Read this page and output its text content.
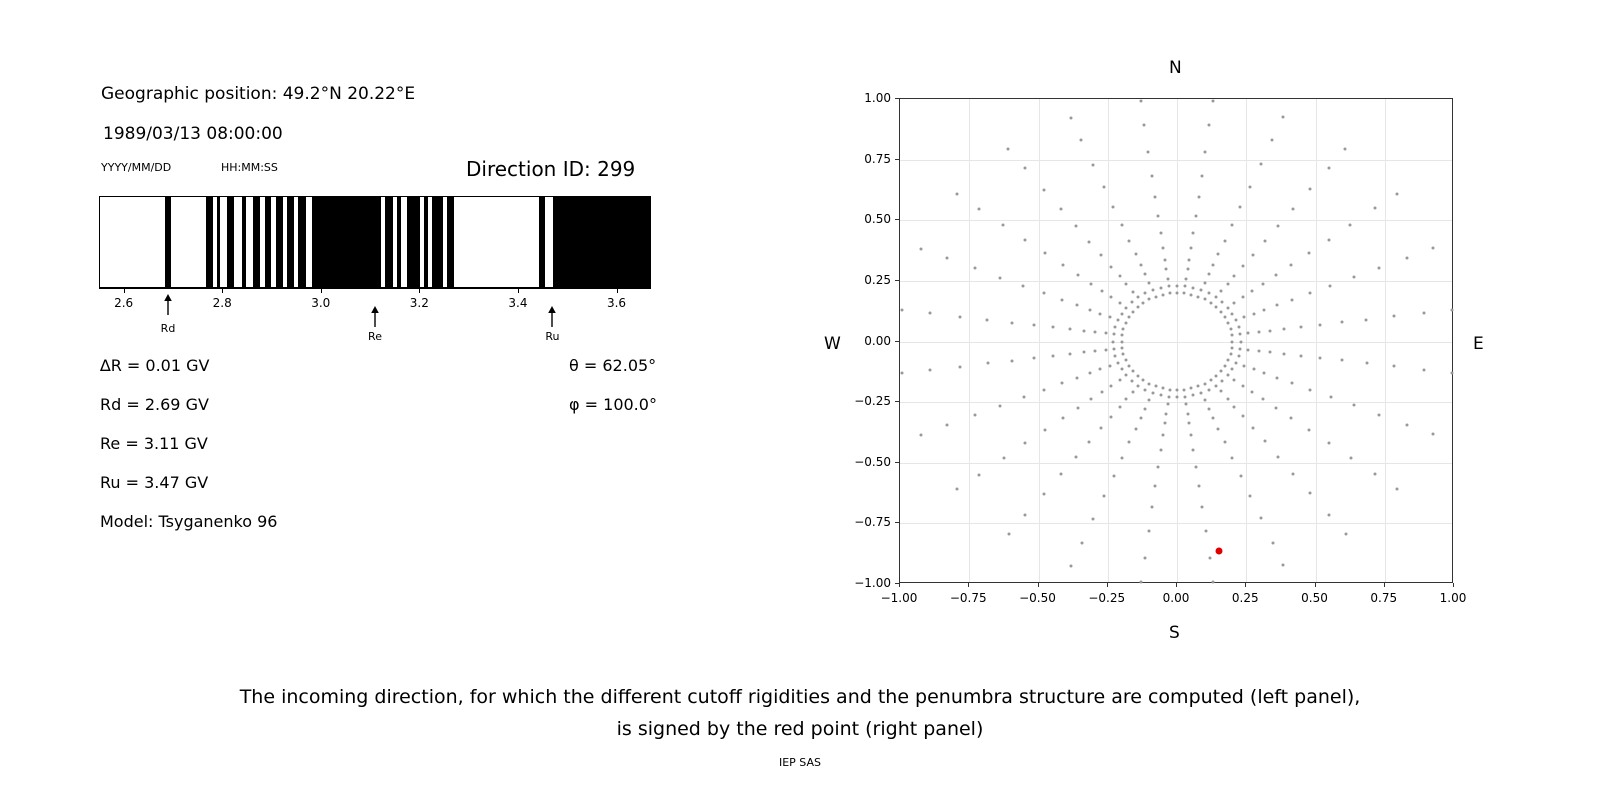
Geographic position: 49.2°N 20.22°E
1989/03/13 08:00:00
YYYY/MM/DD	HH:MM:SS	Direction ID: 299
2.6	2.8	3.0	3.2	3.4	3.6
Rd
Re	Ru
∆R = 0.01 GV
Rd = 2.69 GV
Re = 3.11 GV
Ru = 3.47 GV
Model: Tsyganenko 96
θ = 62.05°
φ = 100.0°
−1.00	−0.75	−0.50	−0.25	0.00	0.25	0.50	0.75	1.00
−1.00
−0.75
−0.50
−0.25
0.00
0.25
0.50
0.75
1.00
N
S
W	E
The incoming direction, for which the different cutoff rigidities and the penumbra structure are computed (left panel),
is signed by the red point (right panel)
IEP SAS
